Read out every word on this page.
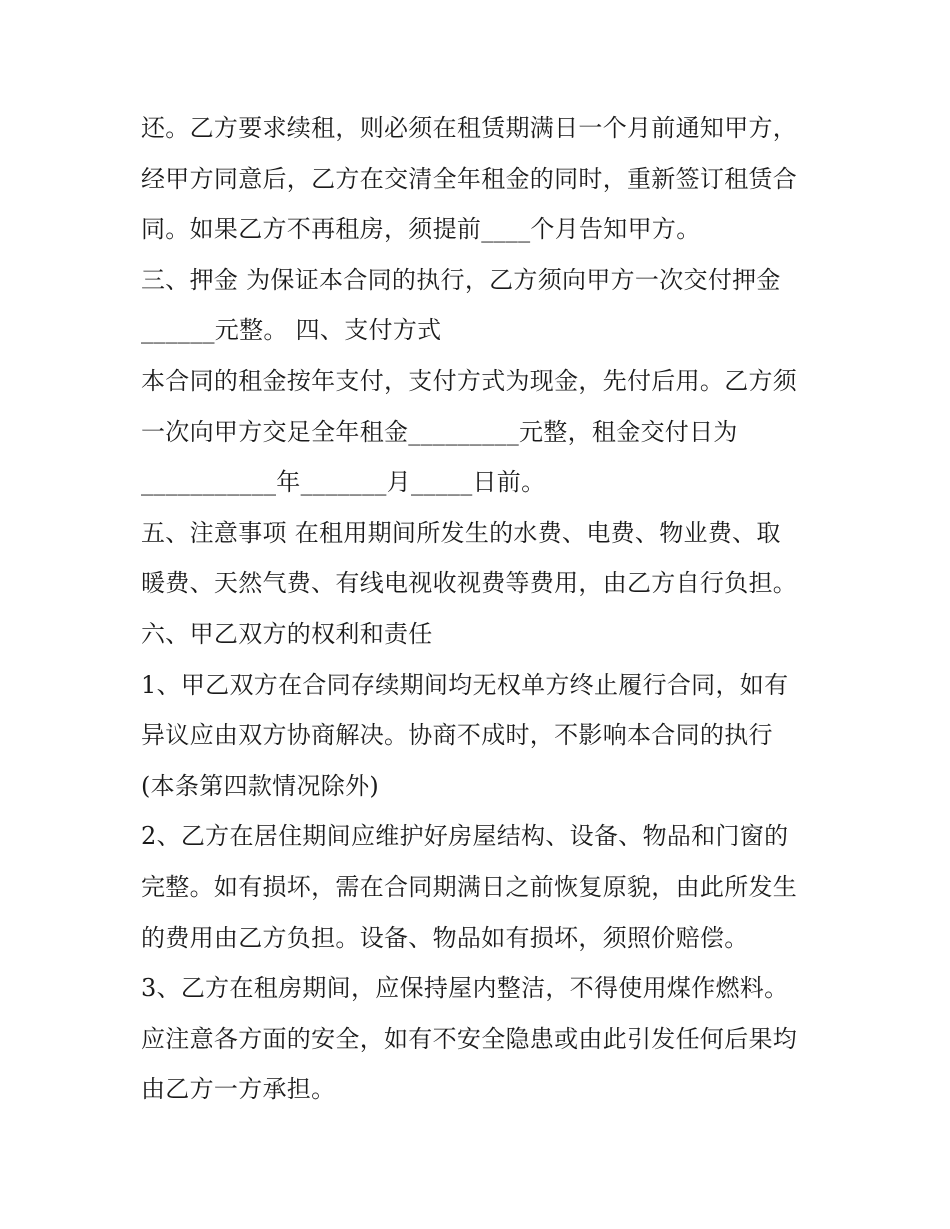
还。乙方要求续租，则必须在租赁期满日一个月前通知甲方，
经甲方同意后，乙方在交清全年租金的同时，重新签订租赁合
同。如果乙方不再租房，须提前____个月告知甲方。
三、押金 为保证本合同的执行，乙方须向甲方一次交付押金
______元整。 四、支付方式
本合同的租金按年支付，支付方式为现金，先付后用。乙方须
一次向甲方交足全年租金_________元整，租金交付日为
___________年_______月_____日前。
五、注意事项 在租用期间所发生的水费、电费、物业费、取
暖费、天然气费、有线电视收视费等费用，由乙方自行负担。
六、甲乙双方的权利和责任
1、甲乙双方在合同存续期间均无权单方终止履行合同，如有
异议应由双方协商解决。协商不成时，不影响本合同的执行
(本条第四款情况除外)
2、乙方在居住期间应维护好房屋结构、设备、物品和门窗的
完整。如有损坏，需在合同期满日之前恢复原貌，由此所发生
的费用由乙方负担。设备、物品如有损坏，须照价赔偿。
3、乙方在租房期间，应保持屋内整洁，不得使用煤作燃料。
应注意各方面的安全，如有不安全隐患或由此引发任何后果均
由乙方一方承担。
